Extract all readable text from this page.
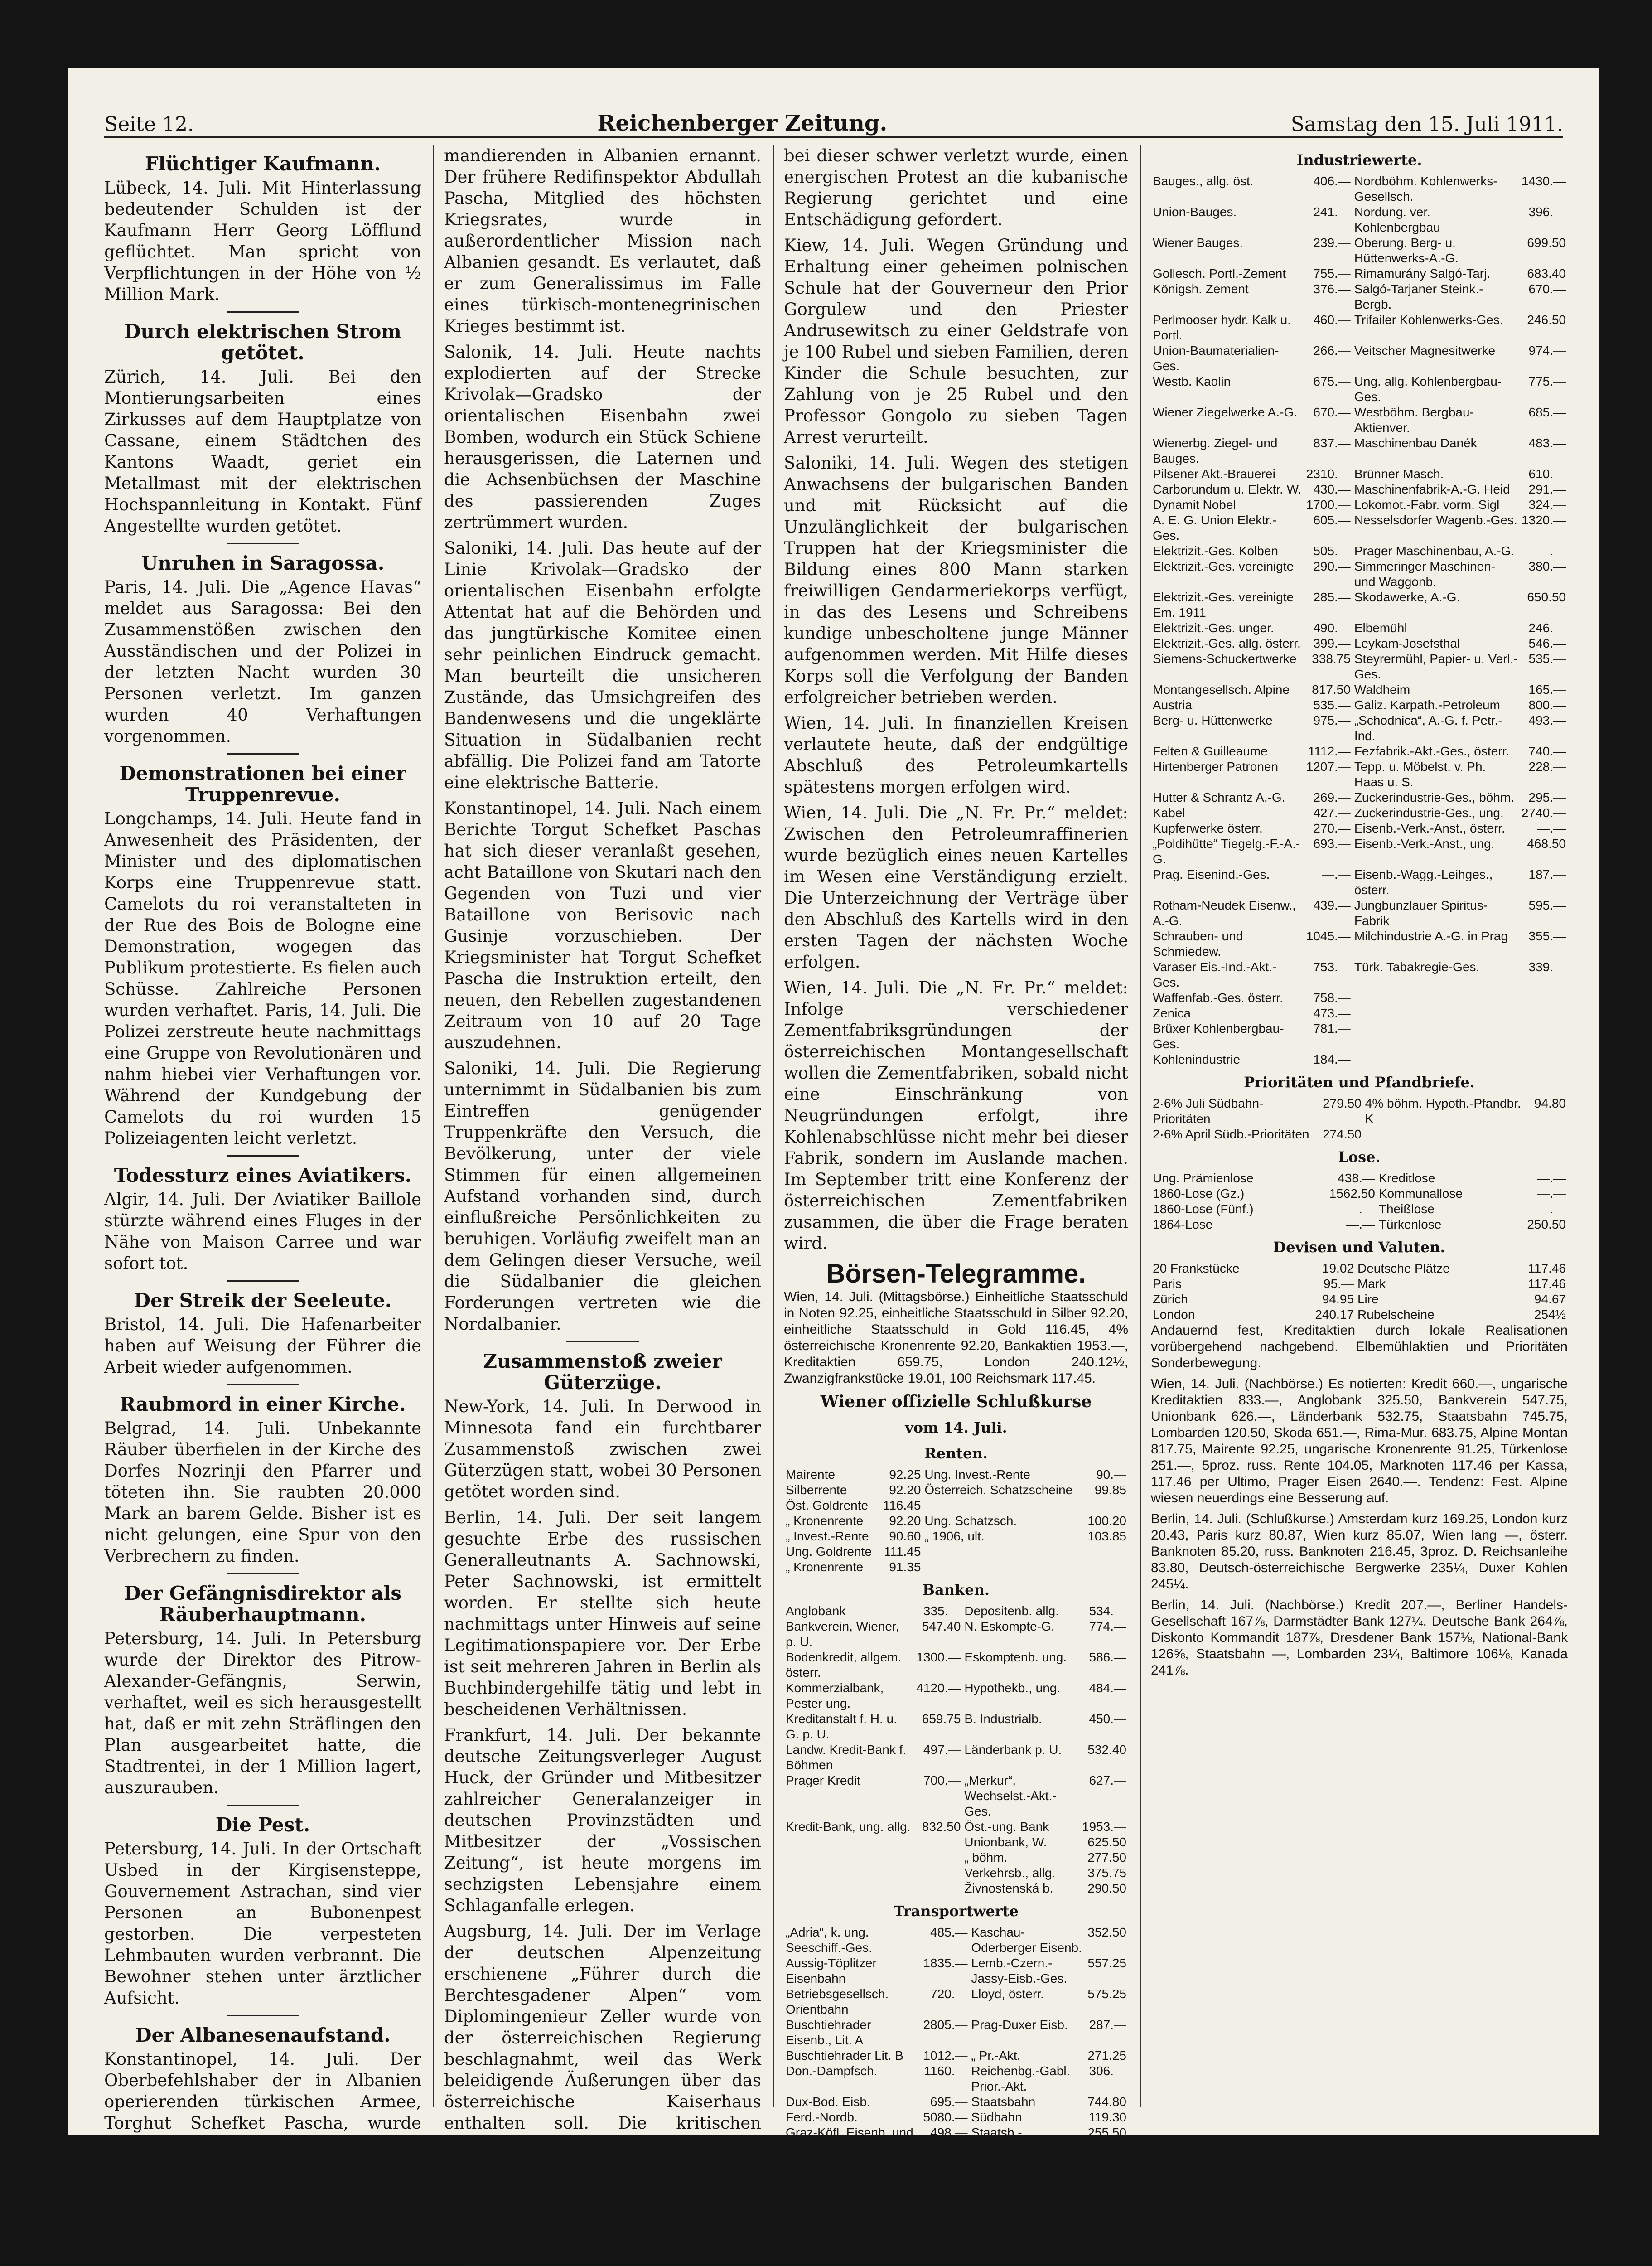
Seite 12.	Reichenberger Zeitung.	Samstag den 15. Juli 1911.
Flüchtiger Kaufmann.

Lübeck, 14. Juli. Mit Hinterlassung bedeutender Schulden ist der Kaufmann Herr Georg Löfflund geflüchtet. Man spricht von Verpflichtungen in der Höhe von ½ Million Mark.

Durch elektrischen Strom getötet.

Zürich, 14. Juli. Bei den Montierungsarbeiten eines Zirkusses auf dem Hauptplatze von Cassane, einem Städtchen des Kantons Waadt, geriet ein Metallmast mit der elektrischen Hochspannleitung in Kontakt. Fünf Angestellte wurden getötet.

Unruhen in Saragossa.

Paris, 14. Juli. Die „Agence Havas“ meldet aus Saragossa: Bei den Zusammenstößen zwischen den Ausständischen und der Polizei in der letzten Nacht wurden 30 Personen verletzt. Im ganzen wurden 40 Verhaftungen vorgenommen.

Demonstrationen bei einer Truppenrevue.

Longchamps, 14. Juli. Heute fand in Anwesenheit des Präsidenten, der Minister und des diplomatischen Korps eine Truppenrevue statt. Camelots du roi veranstalteten in der Rue des Bois de Bologne eine Demonstration, wogegen das Publikum protestierte. Es fielen auch Schüsse. Zahlreiche Personen wurden verhaftet. Paris, 14. Juli. Die Polizei zerstreute heute nachmittags eine Gruppe von Revolutionären und nahm hiebei vier Verhaftungen vor. Während der Kundgebung der Camelots du roi wurden 15 Polizeiagenten leicht verletzt.

Todessturz eines Aviatikers.

Algir, 14. Juli. Der Aviatiker Baillole stürzte während eines Fluges in der Nähe von Maison Carree und war sofort tot.

Der Streik der Seeleute.

Bristol, 14. Juli. Die Hafenarbeiter haben auf Weisung der Führer die Arbeit wieder aufgenommen.

Raubmord in einer Kirche.

Belgrad, 14. Juli. Unbekannte Räuber überfielen in der Kirche des Dorfes Nozrinji den Pfarrer und töteten ihn. Sie raubten 20.000 Mark an barem Gelde. Bisher ist es nicht gelungen, eine Spur von den Verbrechern zu finden.

Der Gefängnisdirektor als Räuberhauptmann.

Petersburg, 14. Juli. In Petersburg wurde der Direktor des Pitrow-Alexander-Gefängnis, Serwin, verhaftet, weil es sich herausgestellt hat, daß er mit zehn Sträflingen den Plan ausgearbeitet hatte, die Stadtrentei, in der 1 Million lagert, auszurauben.

Die Pest.

Petersburg, 14. Juli. In der Ortschaft Usbed in der Kirgisensteppe, Gouvernement Astrachan, sind vier Personen an Bubonenpest gestorben. Die verpesteten Lehmbauten wurden verbrannt. Die Bewohner stehen unter ärztlicher Aufsicht.

Der Albanesenaufstand.

Konstantinopel, 14. Juli. Der Oberbefehlshaber der in Albanien operierenden türkischen Armee, Torghut Schefket Pascha, wurde seines Kommandos enthoben. General Essad Pascha wurde an Stelle Torghut Paschas zum Oberkom-

mandierenden in Albanien ernannt. Der frühere Redifinspektor Abdullah Pascha, Mitglied des höchsten Kriegsrates, wurde in außerordentlicher Mission nach Albanien gesandt. Es verlautet, daß er zum Generalissimus im Falle eines türkisch-montenegrinischen Krieges bestimmt ist.

Salonik, 14. Juli. Heute nachts explodierten auf der Strecke Krivolak—Gradsko der orientalischen Eisenbahn zwei Bomben, wodurch ein Stück Schiene herausgerissen, die Laternen und die Achsenbüchsen der Maschine des passierenden Zuges zertrümmert wurden.

Saloniki, 14. Juli. Das heute auf der Linie Krivolak—Gradsko der orientalischen Eisenbahn erfolgte Attentat hat auf die Behörden und das jungtürkische Komitee einen sehr peinlichen Eindruck gemacht. Man beurteilt die unsicheren Zustände, das Umsichgreifen des Bandenwesens und die ungeklärte Situation in Südalbanien recht abfällig. Die Polizei fand am Tatorte eine elektrische Batterie.

Konstantinopel, 14. Juli. Nach einem Berichte Torgut Schefket Paschas hat sich dieser veranlaßt gesehen, acht Bataillone von Skutari nach den Gegenden von Tuzi und vier Bataillone von Berisovic nach Gusinje vorzuschieben. Der Kriegsminister hat Torgut Schefket Pascha die Instruktion erteilt, den neuen, den Rebellen zugestandenen Zeitraum von 10 auf 20 Tage auszudehnen.

Saloniki, 14. Juli. Die Regierung unternimmt in Südalbanien bis zum Eintreffen genügender Truppenkräfte den Versuch, die Bevölkerung, unter der viele Stimmen für einen allgemeinen Aufstand vorhanden sind, durch einflußreiche Persönlichkeiten zu beruhigen. Vorläufig zweifelt man an dem Gelingen dieser Versuche, weil die Südalbanier die gleichen Forderungen vertreten wie die Nordalbanier.

Zusammenstoß zweier Güterzüge.

New-York, 14. Juli. In Derwood in Minnesota fand ein furchtbarer Zusammenstoß zwischen zwei Güterzügen statt, wobei 30 Personen getötet worden sind.

Berlin, 14. Juli. Der seit langem gesuchte Erbe des russischen Generalleutnants A. Sachnowski, Peter Sachnowski, ist ermittelt worden. Er stellte sich heute nachmittags unter Hinweis auf seine Legitimationspapiere vor. Der Erbe ist seit mehreren Jahren in Berlin als Buchbindergehilfe tätig und lebt in bescheidenen Verhältnissen.

Frankfurt, 14. Juli. Der bekannte deutsche Zeitungsverleger August Huck, der Gründer und Mitbesitzer zahlreicher Generalanzeiger in deutschen Provinzstädten und Mitbesitzer der „Vossischen Zeitung“, ist heute morgens im sechzigsten Lebensjahre einem Schlaganfalle erlegen.

Augsburg, 14. Juli. Der im Verlage der deutschen Alpenzeitung erschienene „Führer durch die Berchtesgadener Alpen“ vom Diplomingenieur Zeller wurde von der österreichischen Regierung beschlagnahmt, weil das Werk beleidigende Äußerungen über das österreichische Kaiserhaus enthalten soll. Die kritischen Ausführungen sollen sich in der Besprechung der jagdlichen Verhältnisse in Österreich befinden.

Havana, 14. Juli. Der hiesige deutsche Gesandte hat wegen des Angriffes auf das Wohnhaus des

bei dieser schwer verletzt wurde, einen energischen Protest an die kubanische Regierung gerichtet und eine Entschädigung gefordert.

Kiew, 14. Juli. Wegen Gründung und Erhaltung einer geheimen polnischen Schule hat der Gouverneur den Prior Gorgulew und den Priester Andrusewitsch zu einer Geldstrafe von je 100 Rubel und sieben Familien, deren Kinder die Schule besuchten, zur Zahlung von je 25 Rubel und den Professor Gongolo zu sieben Tagen Arrest verurteilt.

Saloniki, 14. Juli. Wegen des stetigen Anwachsens der bulgarischen Banden und mit Rücksicht auf die Unzulänglichkeit der bulgarischen Truppen hat der Kriegsminister die Bildung eines 800 Mann starken freiwilligen Gendarmeriekorps verfügt, in das des Lesens und Schreibens kundige unbescholtene junge Männer aufgenommen werden. Mit Hilfe dieses Korps soll die Verfolgung der Banden erfolgreicher betrieben werden.

Wien, 14. Juli. In finanziellen Kreisen verlautete heute, daß der endgültige Abschluß des Petroleumkartells spätestens morgen erfolgen wird.

Wien, 14. Juli. Die „N. Fr. Pr.“ meldet: Zwischen den Petroleumraffinerien wurde bezüglich eines neuen Kartelles im Wesen eine Verständigung erzielt. Die Unterzeichnung der Verträge über den Abschluß des Kartells wird in den ersten Tagen der nächsten Woche erfolgen.

Wien, 14. Juli. Die „N. Fr. Pr.“ meldet: Infolge verschiedener Zementfabriksgründungen der österreichischen Montangesellschaft wollen die Zementfabriken, sobald nicht eine Einschränkung von Neugründungen erfolgt, ihre Kohlenabschlüsse nicht mehr bei dieser Fabrik, sondern im Auslande machen. Im September tritt eine Konferenz der österreichischen Zementfabriken zusammen, die über die Frage beraten wird.

Börsen-Telegramme.

Wien, 14. Juli. (Mittagsbörse.) Einheitliche Staatsschuld in Noten 92.25, einheitliche Staatsschuld in Silber 92.20, einheitliche Staatsschuld in Gold 116.45, 4% österreichische Kronenrente 92.20, Bankaktien 1953.—, Kreditaktien 659.75, London 240.12½, Zwanzigfrankstücke 19.01, 100 Reichsmark 117.45.

Wiener offizielle Schlußkurse
vom 14. Juli.
Renten.
Mairente	92.25	Ung. Invest.-Rente	90.—
Silberrente	92.20	Österreich. Schatzscheine	99.85
Öst. Goldrente	116.45		
„ Kronenrente	92.20	Ung. Schatzsch.	100.20
„ Invest.-Rente	90.60	„ 1906, ult.	103.85
Ung. Goldrente	111.45		
„ Kronenrente	91.35		
Banken.
Anglobank	335.—	Depositenb. allg.	534.—
Bankverein, Wiener, p. U.	547.40	N. Eskompte-G.	774.—
Bodenkredit, allgem. österr.	1300.—	Eskomptenb. ung.	586.—
Kommerzialbank, Pester ung.	4120.—	Hypothekb., ung.	484.—
Kreditanstalt f. H. u. G. p. U.	659.75	B. Industrialb.	450.—
Landw. Kredit-Bank f. Böhmen	497.—	Länderbank p. U.	532.40
Prager Kredit	700.—	„Merkur“, Wechselst.-Akt.-Ges.	627.—
Kredit-Bank, ung. allg.	832.50	Öst.-ung. Bank	1953.—
		Unionbank, W.	625.50
		„ böhm.	277.50
		Verkehrsb., allg.	375.75
		Živnostenská b.	290.50
Transportwerte
„Adria“, k. ung. Seeschiff.-Ges.	485.—	Kaschau-Oderberger Eisenb.	352.50
Aussig-Töplitzer Eisenbahn	1835.—	Lemb.-Czern.-Jassy-Eisb.-Ges.	557.25
Betriebsgesellsch. Orientbahn	720.—	Lloyd, österr.	575.25
Buschtiehrader Eisenb., Lit. A	2805.—	Prag-Duxer Eisb.	287.—
Buschtiehrader Lit. B	1012.—	„ Pr.-Akt.	271.25
Don.-Dampfsch.	1160.—	Reichenbg.-Gabl. Prior.-Akt.	306.—
Dux-Bod. Eisb.	695.—	Staatsbahn	744.80
Ferd.-Nordb.	5080.—	Südbahn	119.30
Graz-Köfl. Eisenb. und Bergb.-Ges.	498.—	Staatsb.-Genußscheine	255.50
Industriewerte.
Bauges., allg. öst.	406.—	Nordböhm. Kohlenwerks-Gesellsch.	1430.—
Union-Bauges.	241.—	Nordung. ver. Kohlenbergbau	396.—
Wiener Bauges.	239.—	Oberung. Berg- u. Hüttenwerks-A.-G.	699.50
Gollesch. Portl.-Zement	755.—	Rimamurány Salgó-Tarj.	683.40
Königsh. Zement	376.—	Salgó-Tarjaner Steink.-Bergb.	670.—
Perlmooser hydr. Kalk u. Portl.	460.—	Trifailer Kohlenwerks-Ges.	246.50
Union-Baumaterialien-Ges.	266.—	Veitscher Magnesitwerke	974.—
Westb. Kaolin	675.—	Ung. allg. Kohlenbergbau-Ges.	775.—
Wiener Ziegelwerke A.-G.	670.—	Westböhm. Bergbau-Aktienver.	685.—
Wienerbg. Ziegel- und Bauges.	837.—	Maschinenbau Danék	483.—
Pilsener Akt.-Brauerei	2310.—	Brünner Masch.	610.—
Carborundum u. Elektr. W.	430.—	Maschinenfabrik-A.-G. Heid	291.—
Dynamit Nobel	1700.—	Lokomot.-Fabr. vorm. Sigl	324.—
A. E. G. Union Elektr.-Ges.	605.—	Nesselsdorfer Wagenb.-Ges.	1320.—
Elektrizit.-Ges. Kolben	505.—	Prager Maschinenbau, A.-G.	—.—
Elektrizit.-Ges. vereinigte	290.—	Simmeringer Maschinen- und Waggonb.	380.—
Elektrizit.-Ges. vereinigte Em. 1911	285.—	Skodawerke, A.-G.	650.50
Elektrizit.-Ges. unger.	490.—	Elbemühl	246.—
Elektrizit.-Ges. allg. österr.	399.—	Leykam-Josefsthal	546.—
Siemens-Schuckertwerke	338.75	Steyrermühl, Papier- u. Verl.-Ges.	535.—
Montangesellsch. Alpine	817.50	Waldheim	165.—
Austria	535.—	Galiz. Karpath.-Petroleum	800.—
Berg- u. Hüttenwerke	975.—	„Schodnica“, A.-G. f. Petr.-Ind.	493.—
Felten & Guilleaume	1112.—	Fezfabrik.-Akt.-Ges., österr.	740.—
Hirtenberger Patronen	1207.—	Tepp. u. Möbelst. v. Ph. Haas u. S.	228.—
Hutter & Schrantz A.-G.	269.—	Zuckerindustrie-Ges., böhm.	295.—
Kabel	427.—	Zuckerindustrie-Ges., ung.	2740.—
Kupferwerke österr.	270.—	Eisenb.-Verk.-Anst., österr.	—.—
„Poldihütte“ Tiegelg.-F.-A.-G.	693.—	Eisenb.-Verk.-Anst., ung.	468.50
Prag. Eisenind.-Ges.	—.—	Eisenb.-Wagg.-Leihges., österr.	187.—
Rotham-Neudek Eisenw., A.-G.	439.—	Jungbunzlauer Spiritus-Fabrik	595.—
Schrauben- und Schmiedew.	1045.—	Milchindustrie A.-G. in Prag	355.—
Varaser Eis.-Ind.-Akt.-Ges.	753.—	Türk. Tabakregie-Ges.	339.—
Waffenfab.-Ges. österr.	758.—		
Zenica	473.—		
Brüxer Kohlenbergbau-Ges.	781.—		
Kohlenindustrie	184.—		
Prioritäten und Pfandbriefe.
2·6% Juli Südbahn-Prioritäten	279.50	4% böhm. Hypoth.-Pfandbr. K	94.80
2·6% April Südb.-Prioritäten	274.50		
Lose.
Ung. Prämienlose	438.—	Kreditlose	—.—
1860-Lose (Gz.)	1562.50	Kommunallose	—.—
1860-Lose (Fünf.)	—.—	Theißlose	—.—
1864-Lose	—.—	Türkenlose	250.50
Devisen und Valuten.
20 Frankstücke	19.02	Deutsche Plätze	117.46
Paris	95.—	Mark	117.46
Zürich	94.95	Lire	94.67
London	240.17	Rubelscheine	254½

Andauernd fest, Kreditaktien durch lokale Realisationen vorübergehend nachgebend. Elbemühlaktien und Prioritäten Sonderbewegung.

Wien, 14. Juli. (Nachbörse.) Es notierten: Kredit 660.—, ungarische Kreditaktien 833.—, Anglobank 325.50, Bankverein 547.75, Unionbank 626.—, Länderbank 532.75, Staatsbahn 745.75, Lombarden 120.50, Skoda 651.—, Rima-Mur. 683.75, Alpine Montan 817.75, Mairente 92.25, ungarische Kronenrente 91.25, Türkenlose 251.—, 5proz. russ. Rente 104.05, Marknoten 117.46 per Kassa, 117.46 per Ultimo, Prager Eisen 2640.—. Tendenz: Fest. Alpine wiesen neuerdings eine Besserung auf.

Berlin, 14. Juli. (Schlußkurse.) Amsterdam kurz 169.25, London kurz 20.43, Paris kurz 80.87, Wien kurz 85.07, Wien lang —, österr. Banknoten 85.20, russ. Banknoten 216.45, 3proz. D. Reichsanleihe 83.80, Deutsch-österreichische Bergwerke 235¼, Duxer Kohlen 245¼.

Berlin, 14. Juli. (Nachbörse.) Kredit 207.—, Berliner Handels-Gesellschaft 167⅞, Darmstädter Bank 127¼, Deutsche Bank 264⅞, Diskonto Kommandit 187⅞, Dresdener Bank 157⅛, National-Bank 126⅝, Staatsbahn —, Lombarden 23¼, Baltimore 106⅛, Kanada 241⅞.
